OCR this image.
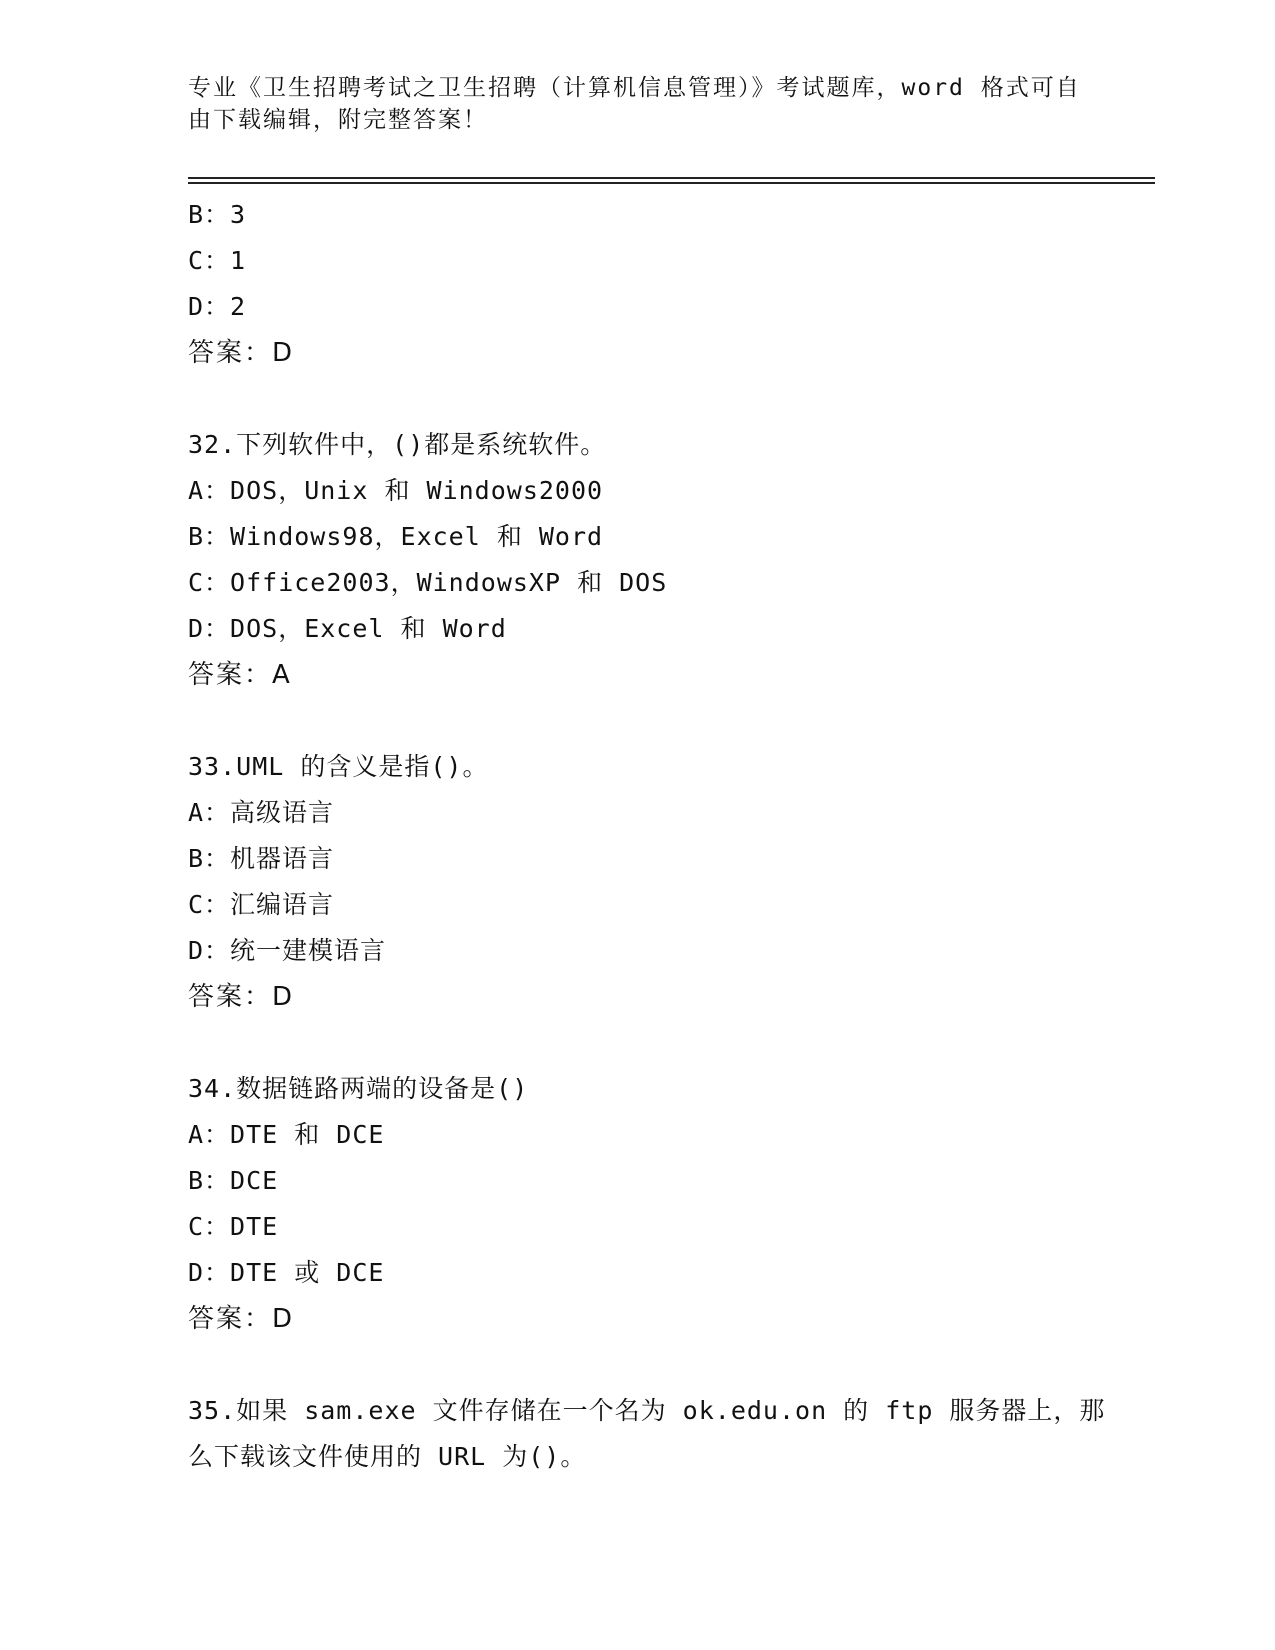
专业《卫生招聘考试之卫生招聘（计算机信息管理）》考试题库，word 格式可自
由下载编辑，附完整答案！
B：3
C：1
D：2
答案：D
32.下列软件中，()都是系统软件。
A：DOS，Unix 和 Windows2000
B：Windows98，Excel 和 Word
C：Office2003，WindowsXP 和 DOS
D：DOS，Excel 和 Word
答案：A
33.UML 的含义是指()。
A：高级语言
B：机器语言
C：汇编语言
D：统一建模语言
答案：D
34.数据链路两端的设备是()
A：DTE 和 DCE
B：DCE
C：DTE
D：DTE 或 DCE
答案：D
35.如果 sam.exe 文件存储在一个名为 ok.edu.on 的 ftp 服务器上，那
么下载该文件使用的 URL 为()。
